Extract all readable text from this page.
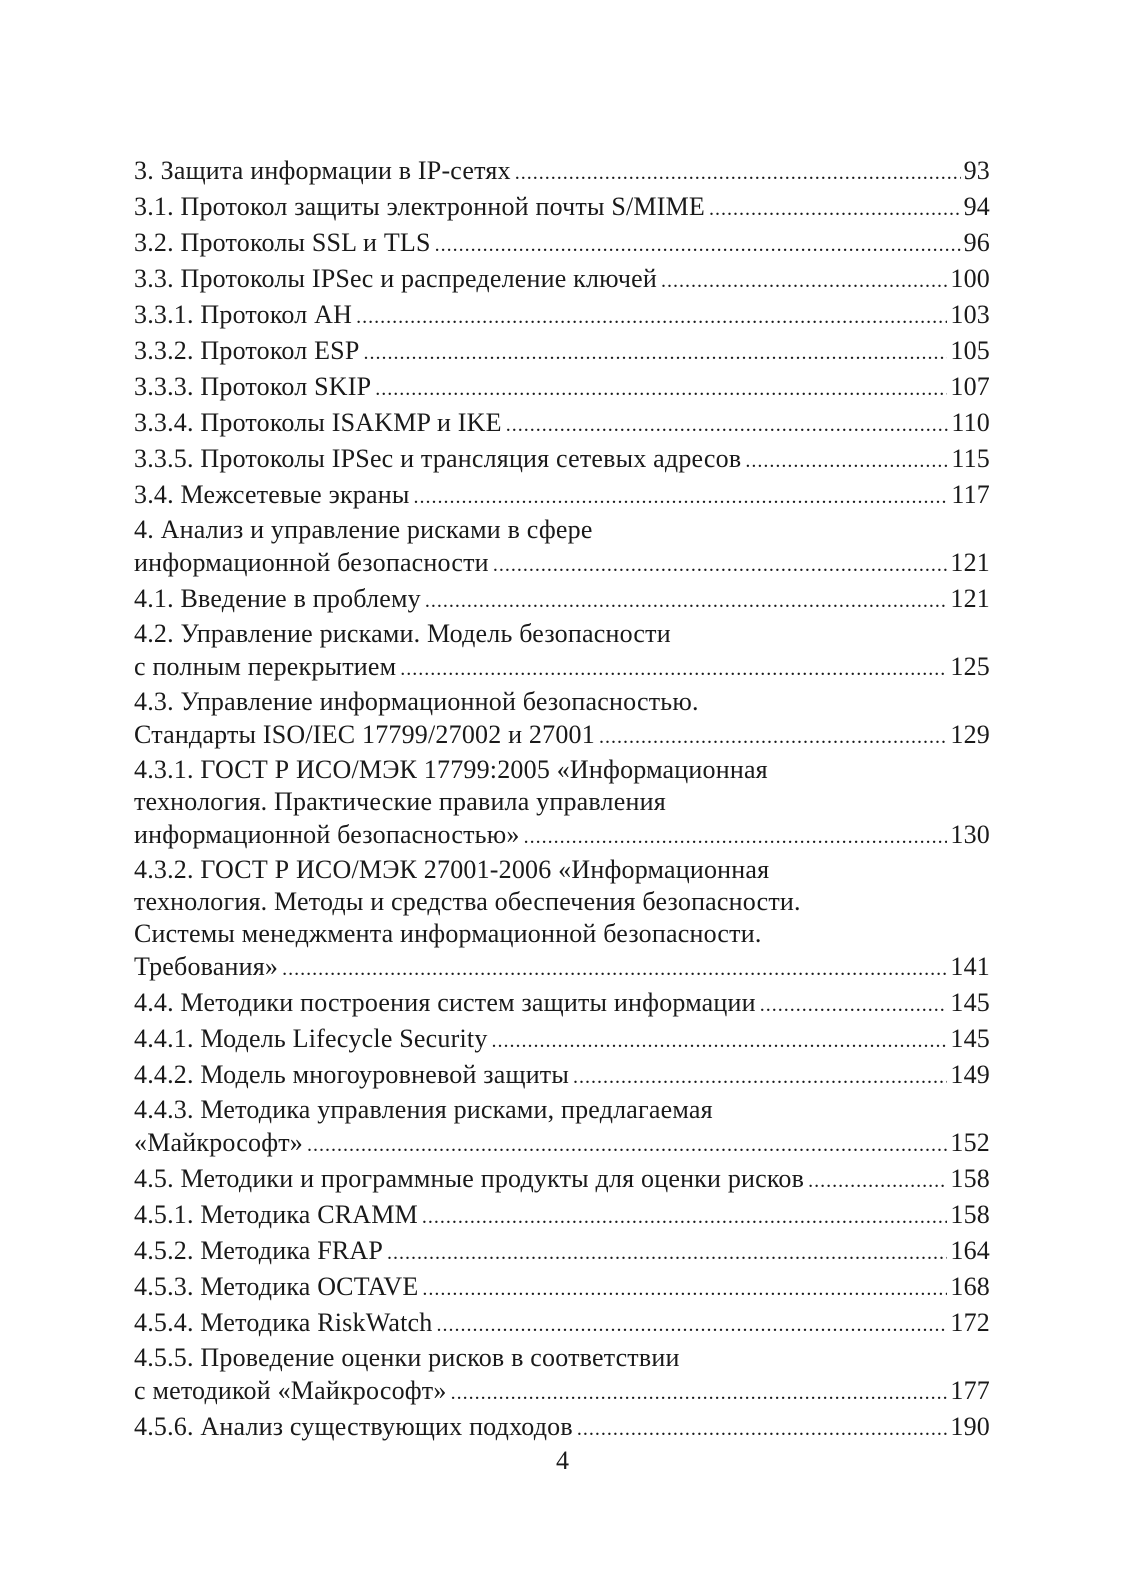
3. Защита информации в IP-сетях .....	93
3.1. Протокол защиты электронной почты S/MIME .....	94
3.2. Протоколы SSL и TLS .....	96
3.3. Протоколы IPSec и распределение ключей .....	100
3.3.1. Протокол AH .....	103
3.3.2. Протокол ESP .....	105
3.3.3. Протокол SKIP .....	107
3.3.4. Протоколы ISAKMP и IKE .....	110
3.3.5. Протоколы IPSec и трансляция сетевых адресов .....	115
3.4. Межсетевые экраны .....	117
4. Анализ и управление рисками в сфере
информационной безопасности .....	121
4.1. Введение в проблему .....	121
4.2. Управление рисками. Модель безопасности
с полным перекрытием .....	125
4.3. Управление информационной безопасностью.
Стандарты ISO/IEC 17799/27002 и 27001 .....	129
4.3.1. ГОСТ Р ИСО/МЭК 17799:2005 «Информационная
технология. Практические правила управления
информационной безопасностью» .....	130
4.3.2. ГОСТ Р ИСО/МЭК 27001-2006 «Информационная
технология. Методы и средства обеспечения безопасности.
Системы менеджмента информационной безопасности.
Требования» .....	141
4.4. Методики построения систем защиты информации .....	145
4.4.1. Модель Lifecycle Security .....	145
4.4.2. Модель многоуровневой защиты .....	149
4.4.3. Методика управления рисками, предлагаемая
«Майкрософт» .....	152
4.5. Методики и программные продукты для оценки рисков .....	158
4.5.1. Методика CRAMM .....	158
4.5.2. Методика FRAP .....	164
4.5.3. Методика OCTAVE .....	168
4.5.4. Методика RiskWatch .....	172
4.5.5. Проведение оценки рисков в соответствии
с методикой «Майкрософт» .....	177
4.5.6. Анализ существующих подходов .....	190
4
